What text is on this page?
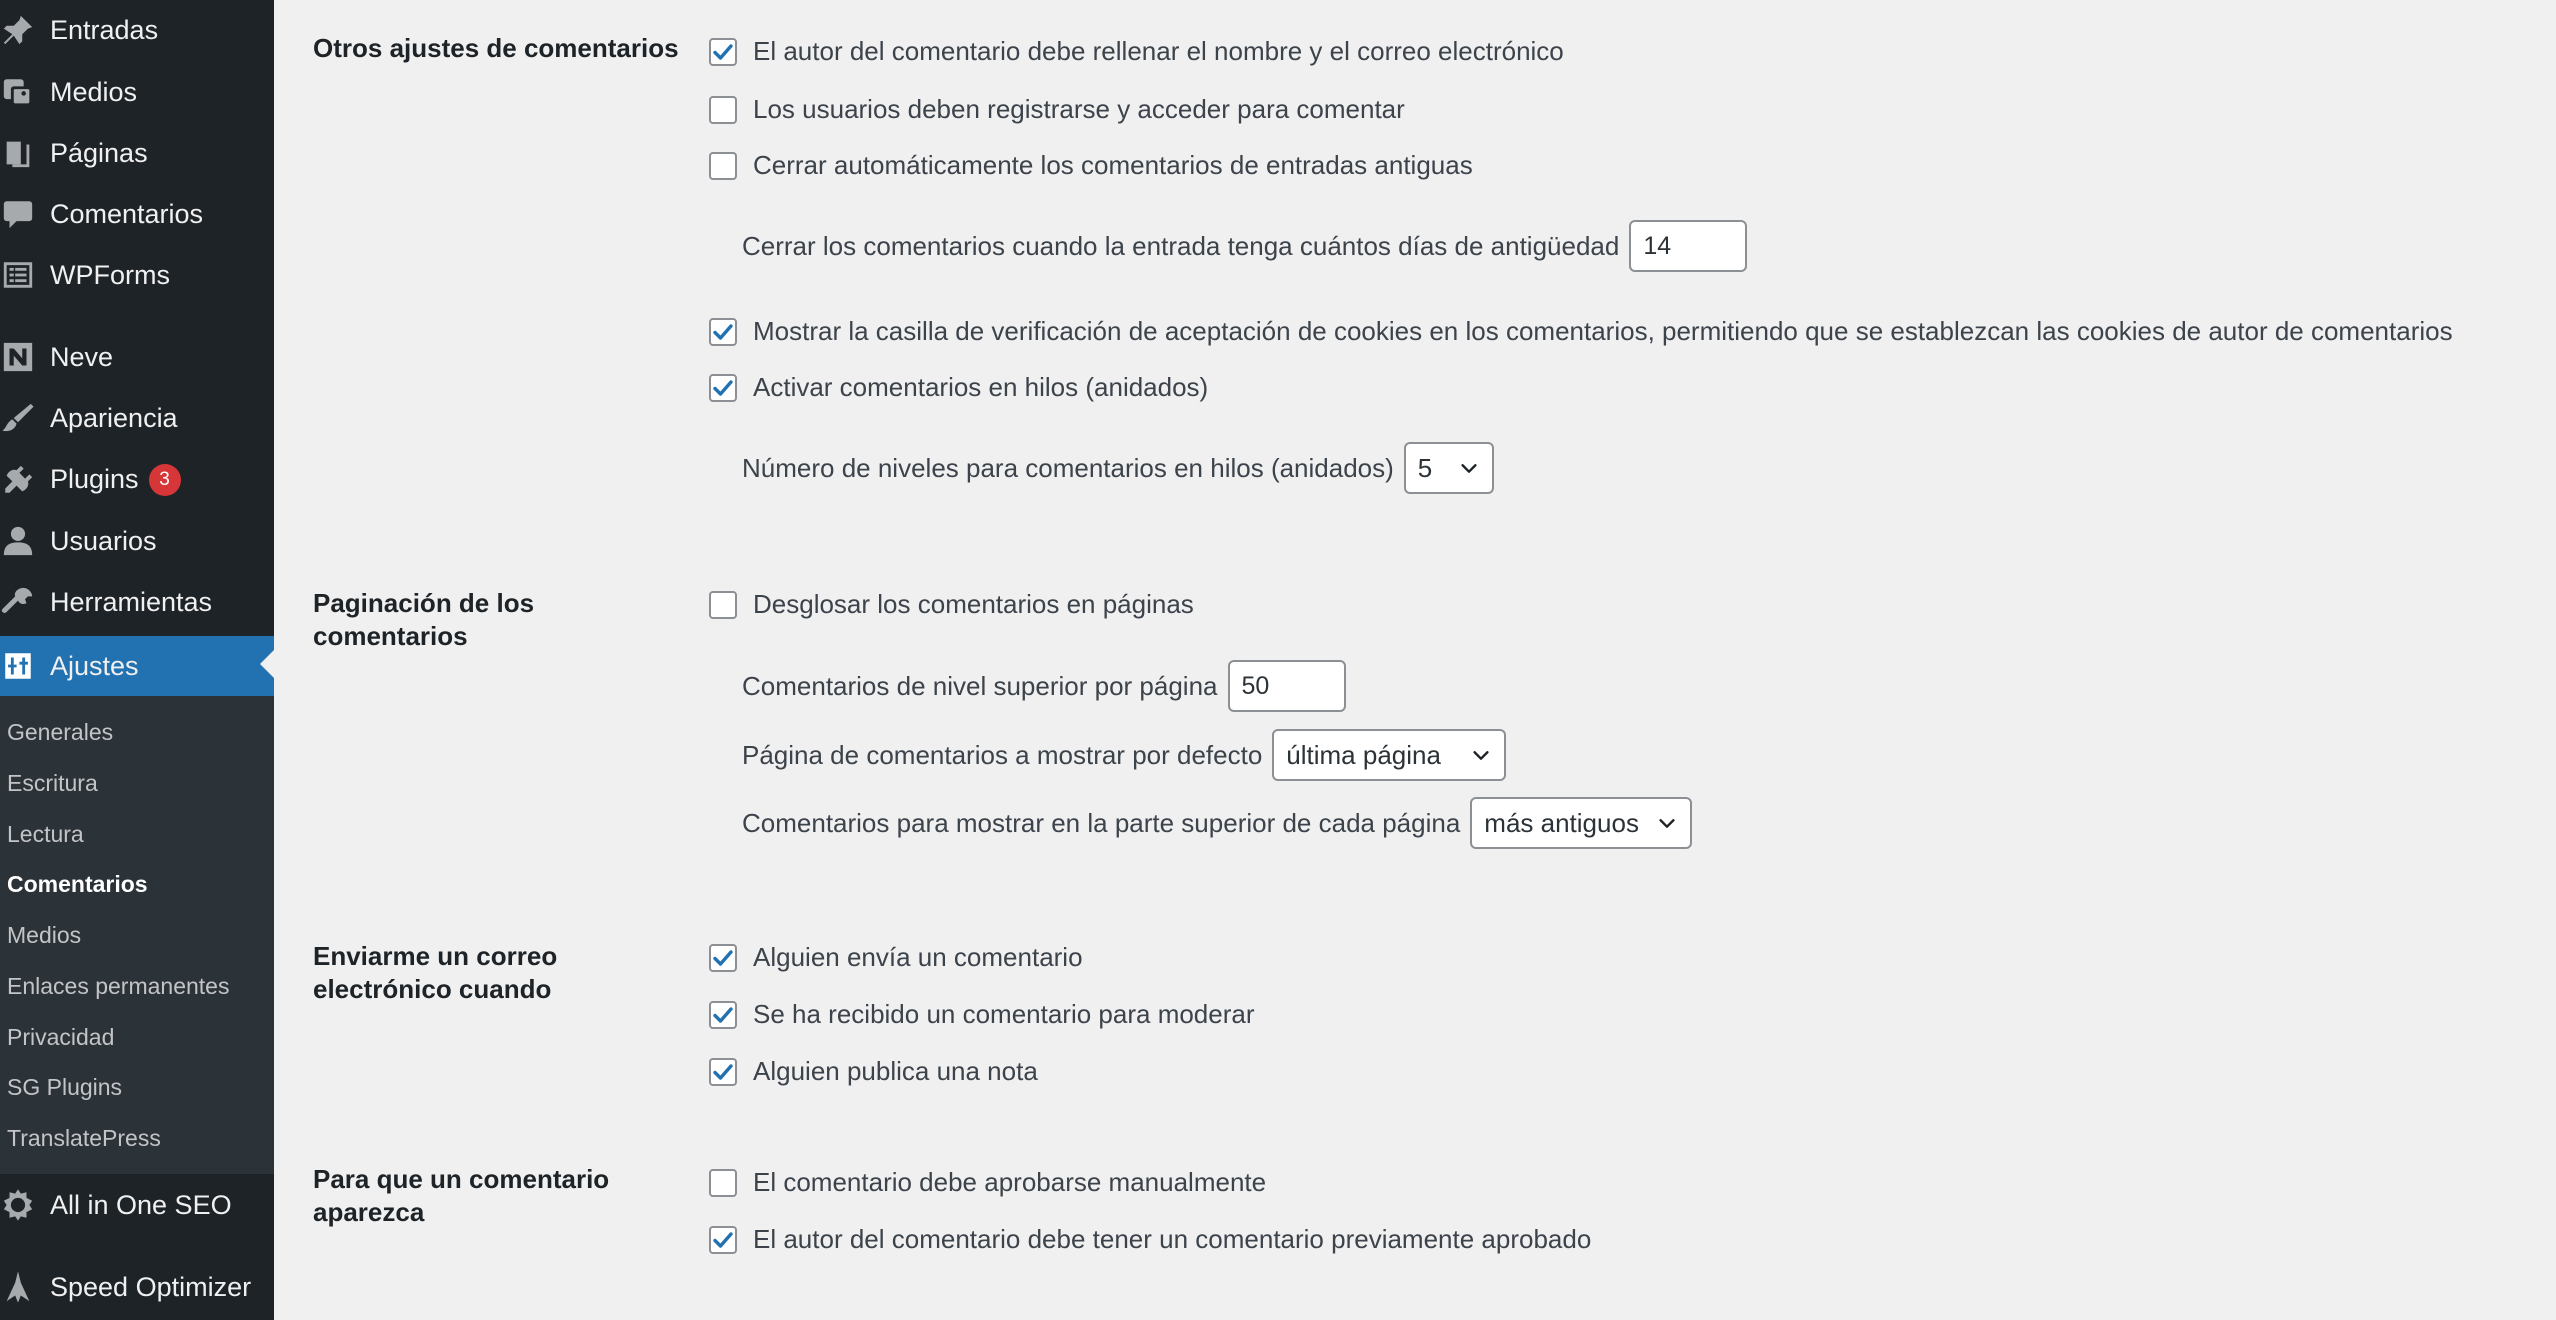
Entradas
Medios
Páginas
Comentarios
WPForms
Neve
Apariencia
Plugins 3
Usuarios
Herramientas
Ajustes
Generales
Escritura
Lectura
Comentarios
Medios
Enlaces permanentes
Privacidad
SG Plugins
TranslatePress
All in One SEO
Speed Optimizer
Otros ajustes de comentarios	El autor del comentario debe rellenar el nombre y el correo electrónico
Los usuarios deben registrarse y acceder para comentar
Cerrar automáticamente los comentarios de entradas antiguas
Cerrar los comentarios cuando la entrada tenga cuántos días de antigüedad
14
Mostrar la casilla de verificación de aceptación de cookies en los comentarios, permitiendo que se establezcan las cookies de autor de comentarios
Activar comentarios en hilos (anidados)
Número de niveles para comentarios en hilos (anidados) 5
Paginación de los
comentarios
Desglosar los comentarios en páginas
Comentarios de nivel superior por página
50
Página de comentarios a mostrar por defecto última página
Comentarios para mostrar en la parte superior de cada página más antiguos
Enviarme un correo
electrónico cuando
Alguien envía un comentario
Se ha recibido un comentario para moderar
Alguien publica una nota
Para que un comentario
aparezca
El comentario debe aprobarse manualmente
El autor del comentario debe tener un comentario previamente aprobado
